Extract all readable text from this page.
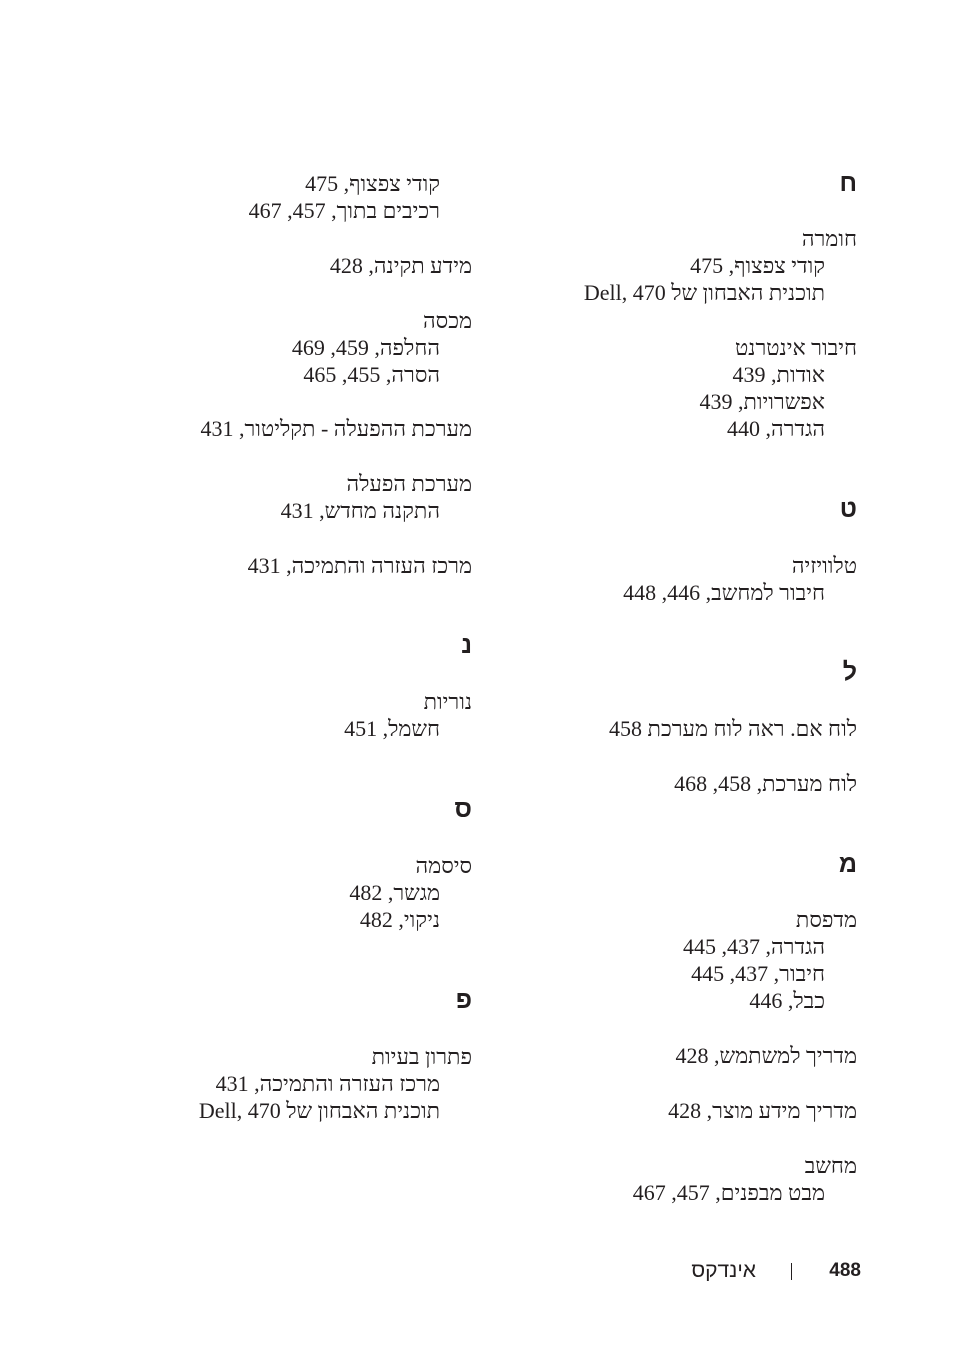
ח
חומרה
קודי צפצוף, 475
תוכנית האבחון של Dell, 470
חיבור אינטרנט
אודות, 439
אפשרויות, 439
הגדרה, 440
ט
טלוויזיה
חיבור למחשב, 446, 448
ל
לוח אם. ראה לוח מערכת 458
לוח מערכת, 458, 468
מ
מדפסת
הגדרה, 437, 445
חיבור, 437, 445
כבל, 446
מדריך למשתמש, 428
מדריך מידע מוצר, 428
מחשב
מבט מבפנים, 457, 467
קודי צפצוף, 475
רכיבים בתוך, 457, 467
מידע תקינה, 428
מכסה
החלפה, 459, 469
הסרה, 455, 465
מערכת ההפעלה - תקליטור, 431
מערכת הפעלה
התקנה מחדש, 431
מרכז העזרה והתמיכה, 431
נ
נוריות
חשמל, 451
ס
סיסמה
מגשר, 482
ניקוי, 482
פ
פתרון בעיות
מרכז העזרה והתמיכה, 431
תוכנית האבחון של Dell, 470
488
אינדקס
